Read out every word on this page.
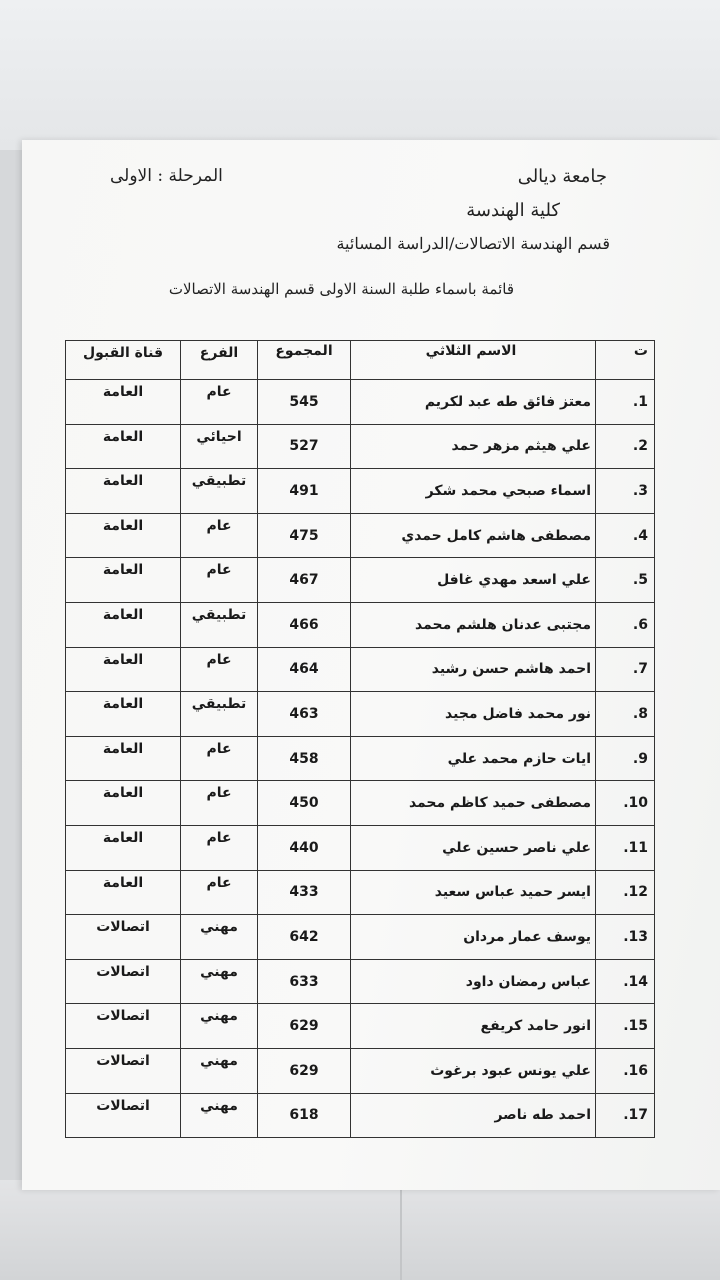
جامعة ديالى
المرحلة : الاولى
كلية الهندسة
قسم الهندسة الاتصالات/الدراسة المسائية
قائمة باسماء طلبة السنة الاولى قسم الهندسة الاتصالات
ت	الاسم الثلاثي	المجموع	الفرع	قناة القبول
1.	معتز فائق طه عبد لكريم	545	عام	العامة
2.	علي هيثم مزهر حمد	527	احيائي	العامة
3.	اسماء صبحي محمد شكر	491	تطبيقي	العامة
4.	مصطفى هاشم كامل حمدي	475	عام	العامة
5.	علي اسعد مهدي غافل	467	عام	العامة
6.	مجتبى عدنان هلشم محمد	466	تطبيقي	العامة
7.	احمد هاشم حسن رشيد	464	عام	العامة
8.	نور محمد فاضل مجيد	463	تطبيقي	العامة
9.	ايات حازم محمد علي	458	عام	العامة
10.	مصطفى حميد كاظم محمد	450	عام	العامة
11.	علي ناصر حسين علي	440	عام	العامة
12.	ايسر حميد عباس سعيد	433	عام	العامة
13.	يوسف عمار مردان	642	مهني	اتصالات
14.	عباس رمضان داود	633	مهني	اتصالات
15.	انور حامد كريفع	629	مهني	اتصالات
16.	علي يونس عبود برغوث	629	مهني	اتصالات
17.	احمد طه ناصر	618	مهني	اتصالات
